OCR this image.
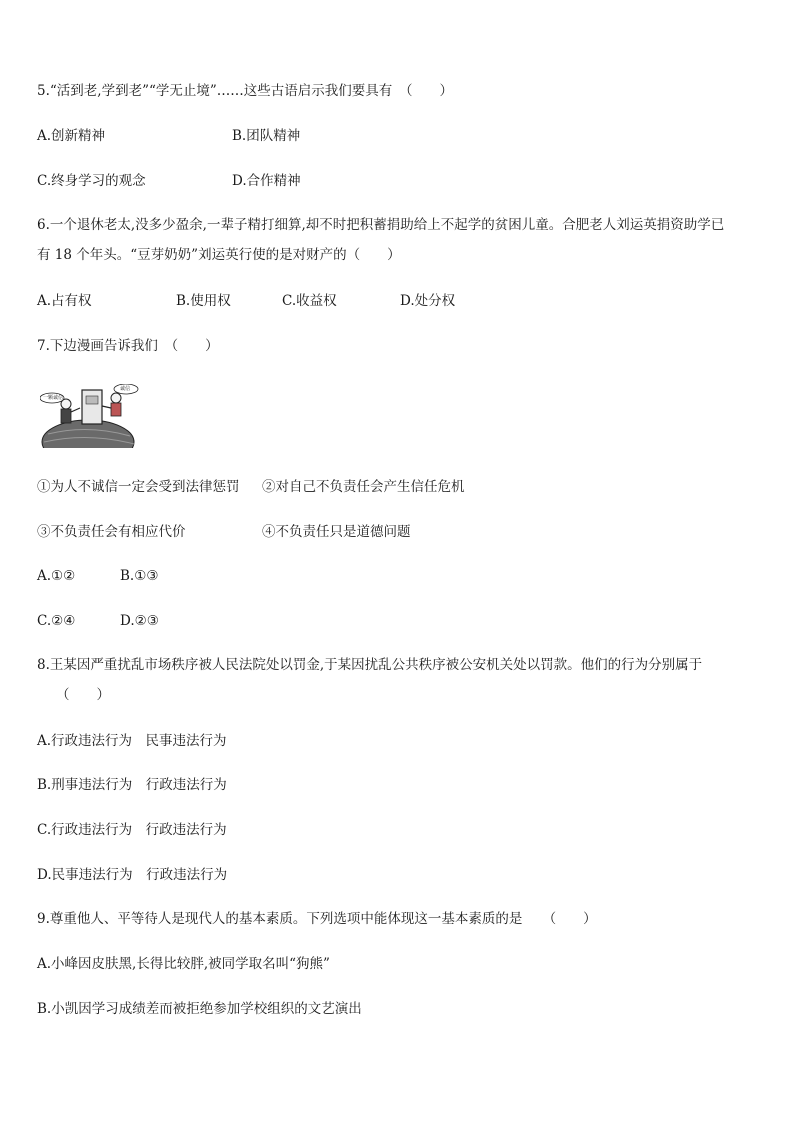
5.“活到老,学到老”“学无止境”……这些古语启示我们要具有　（　　）
A.创新精神	B.团队精神
C.终身学习的观念	D.合作精神
6.一个退休老太,没多少盈余,一辈子精打细算,却不时把积蓄捐助给上不起学的贫困儿童。合肥老人刘运英捐资助学已
有 18 个年头。“豆芽奶奶”刘运英行使的是对财产的（　　）
A.占有权	B.使用权	C.收益权	D.处分权
7.下边漫画告诉我们　（　　）
一颗诚信
诚信
①为人不诚信一定会受到法律惩罚 ②对自己不负责任会产生信任危机
③不负责任会有相应代价	④不负责任只是道德问题
A.①②	B.①③
C.②④	D.②③
8.王某因严重扰乱市场秩序被人民法院处以罚金,于某因扰乱公共秩序被公安机关处以罚款。他们的行为分别属于
（　　）
A.行政违法行为　民事违法行为
B.刑事违法行为　行政违法行为
C.行政违法行为　行政违法行为
D.民事违法行为　行政违法行为
9.尊重他人、平等待人是现代人的基本素质。下列选项中能体现这一基本素质的是　　（　　）
A.小峰因皮肤黑,长得比较胖,被同学取名叫“狗熊”
B.小凯因学习成绩差而被拒绝参加学校组织的文艺演出
